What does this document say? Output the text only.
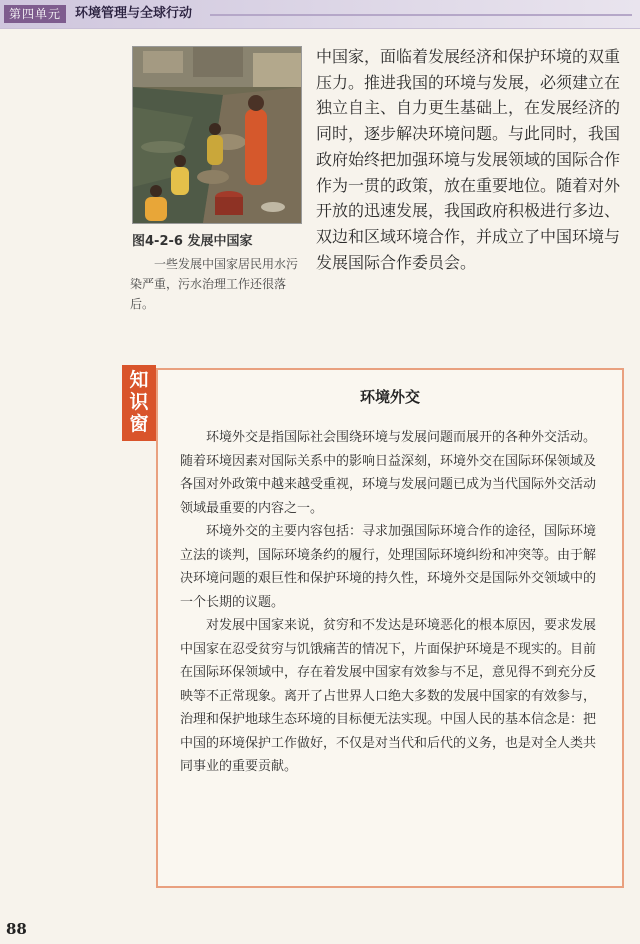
第四单元	环境管理与全球行动
图4-2-6 发展中国家
一些发展中国家居民用水污染严重，污水治理工作还很落后。

中国家，面临着发展经济和保护环境的双重压力。推进我国的环境与发展，必须建立在独立自主、自力更生基础上，在发展经济的同时，逐步解决环境问题。与此同时，我国政府始终把加强环境与发展领域的国际合作作为一贯的政策，放在重要地位。随着对外开放的迅速发展，我国政府积极进行多边、双边和区域环境合作，并成立了中国环境与发展国际合作委员会。

知
识
窗
环境外交

环境外交是指国际社会围绕环境与发展问题而展开的各种外交活动。随着环境因素对国际关系中的影响日益深刻，环境外交在国际环保领域及各国对外政策中越来越受重视，环境与发展问题已成为当代国际外交活动领域最重要的内容之一。

环境外交的主要内容包括：寻求加强国际环境合作的途径，国际环境立法的谈判，国际环境条约的履行，处理国际环境纠纷和冲突等。由于解决环境问题的艰巨性和保护环境的持久性，环境外交是国际外交领域中的一个长期的议题。

对发展中国家来说，贫穷和不发达是环境恶化的根本原因，要求发展中国家在忍受贫穷与饥饿痛苦的情况下，片面保护环境是不现实的。目前在国际环保领域中，存在着发展中国家有效参与不足，意见得不到充分反映等不正常现象。离开了占世界人口绝大多数的发展中国家的有效参与，治理和保护地球生态环境的目标便无法实现。中国人民的基本信念是：把中国的环境保护工作做好，不仅是对当代和后代的义务，也是对全人类共同事业的重要贡献。

88
